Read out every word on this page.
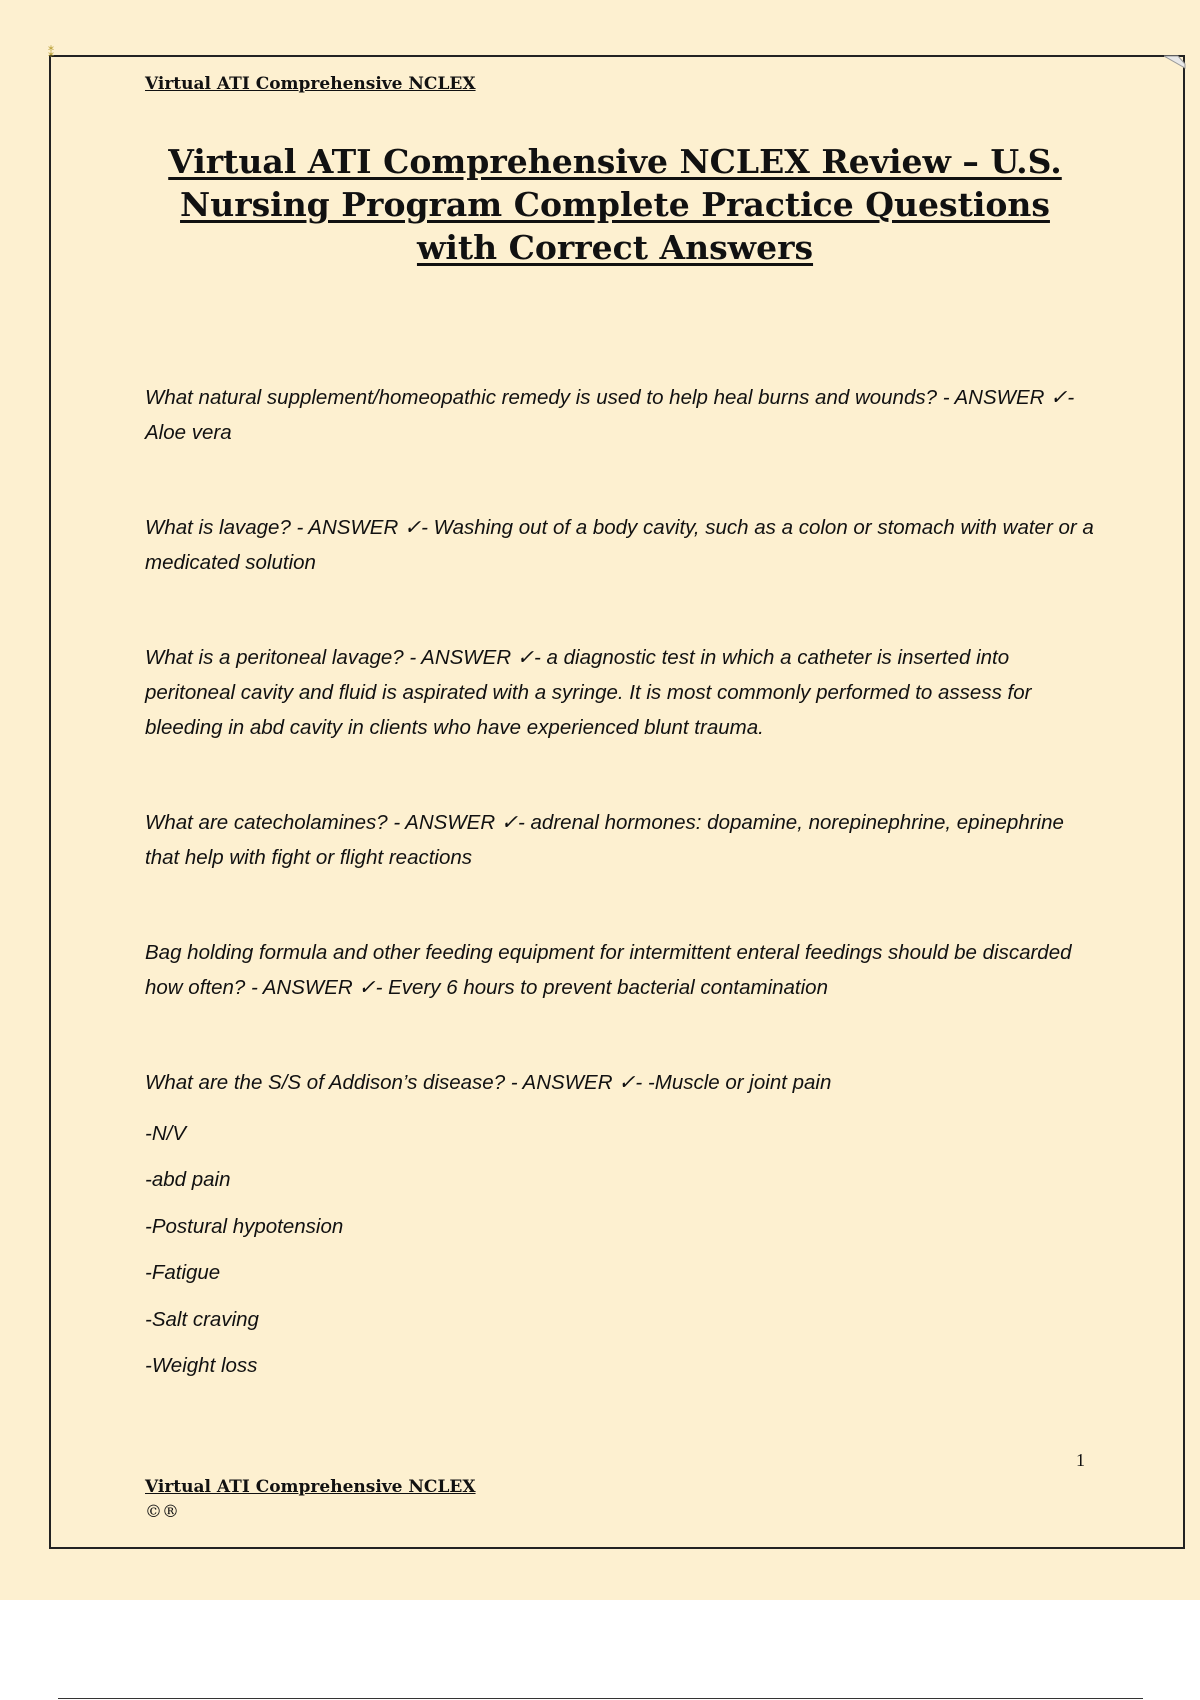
⁑
Virtual ATI Comprehensive NCLEX
Virtual ATI Comprehensive NCLEX Review – U.S. Nursing Program Complete Practice Questions with Correct Answers
What natural supplement/homeopathic remedy is used to help heal burns and wounds? - ANSWER ✓- Aloe vera
What is lavage? - ANSWER ✓- Washing out of a body cavity, such as a colon or stomach with water or a medicated solution
What is a peritoneal lavage? - ANSWER ✓- a diagnostic test in which a catheter is inserted into peritoneal cavity and fluid is aspirated with a syringe. It is most commonly performed to assess for bleeding in abd cavity in clients who have experienced blunt trauma.
What are catecholamines? - ANSWER ✓- adrenal hormones: dopamine, norepinephrine, epinephrine that help with fight or flight reactions
Bag holding formula and other feeding equipment for intermittent enteral feedings should be discarded how often? - ANSWER ✓- Every 6 hours to prevent bacterial contamination
What are the S/S of Addison’s disease? - ANSWER ✓- -Muscle or joint pain
-N/V
-abd pain
-Postural hypotension
-Fatigue
-Salt craving
-Weight loss
1
Virtual ATI Comprehensive NCLEX
©®
